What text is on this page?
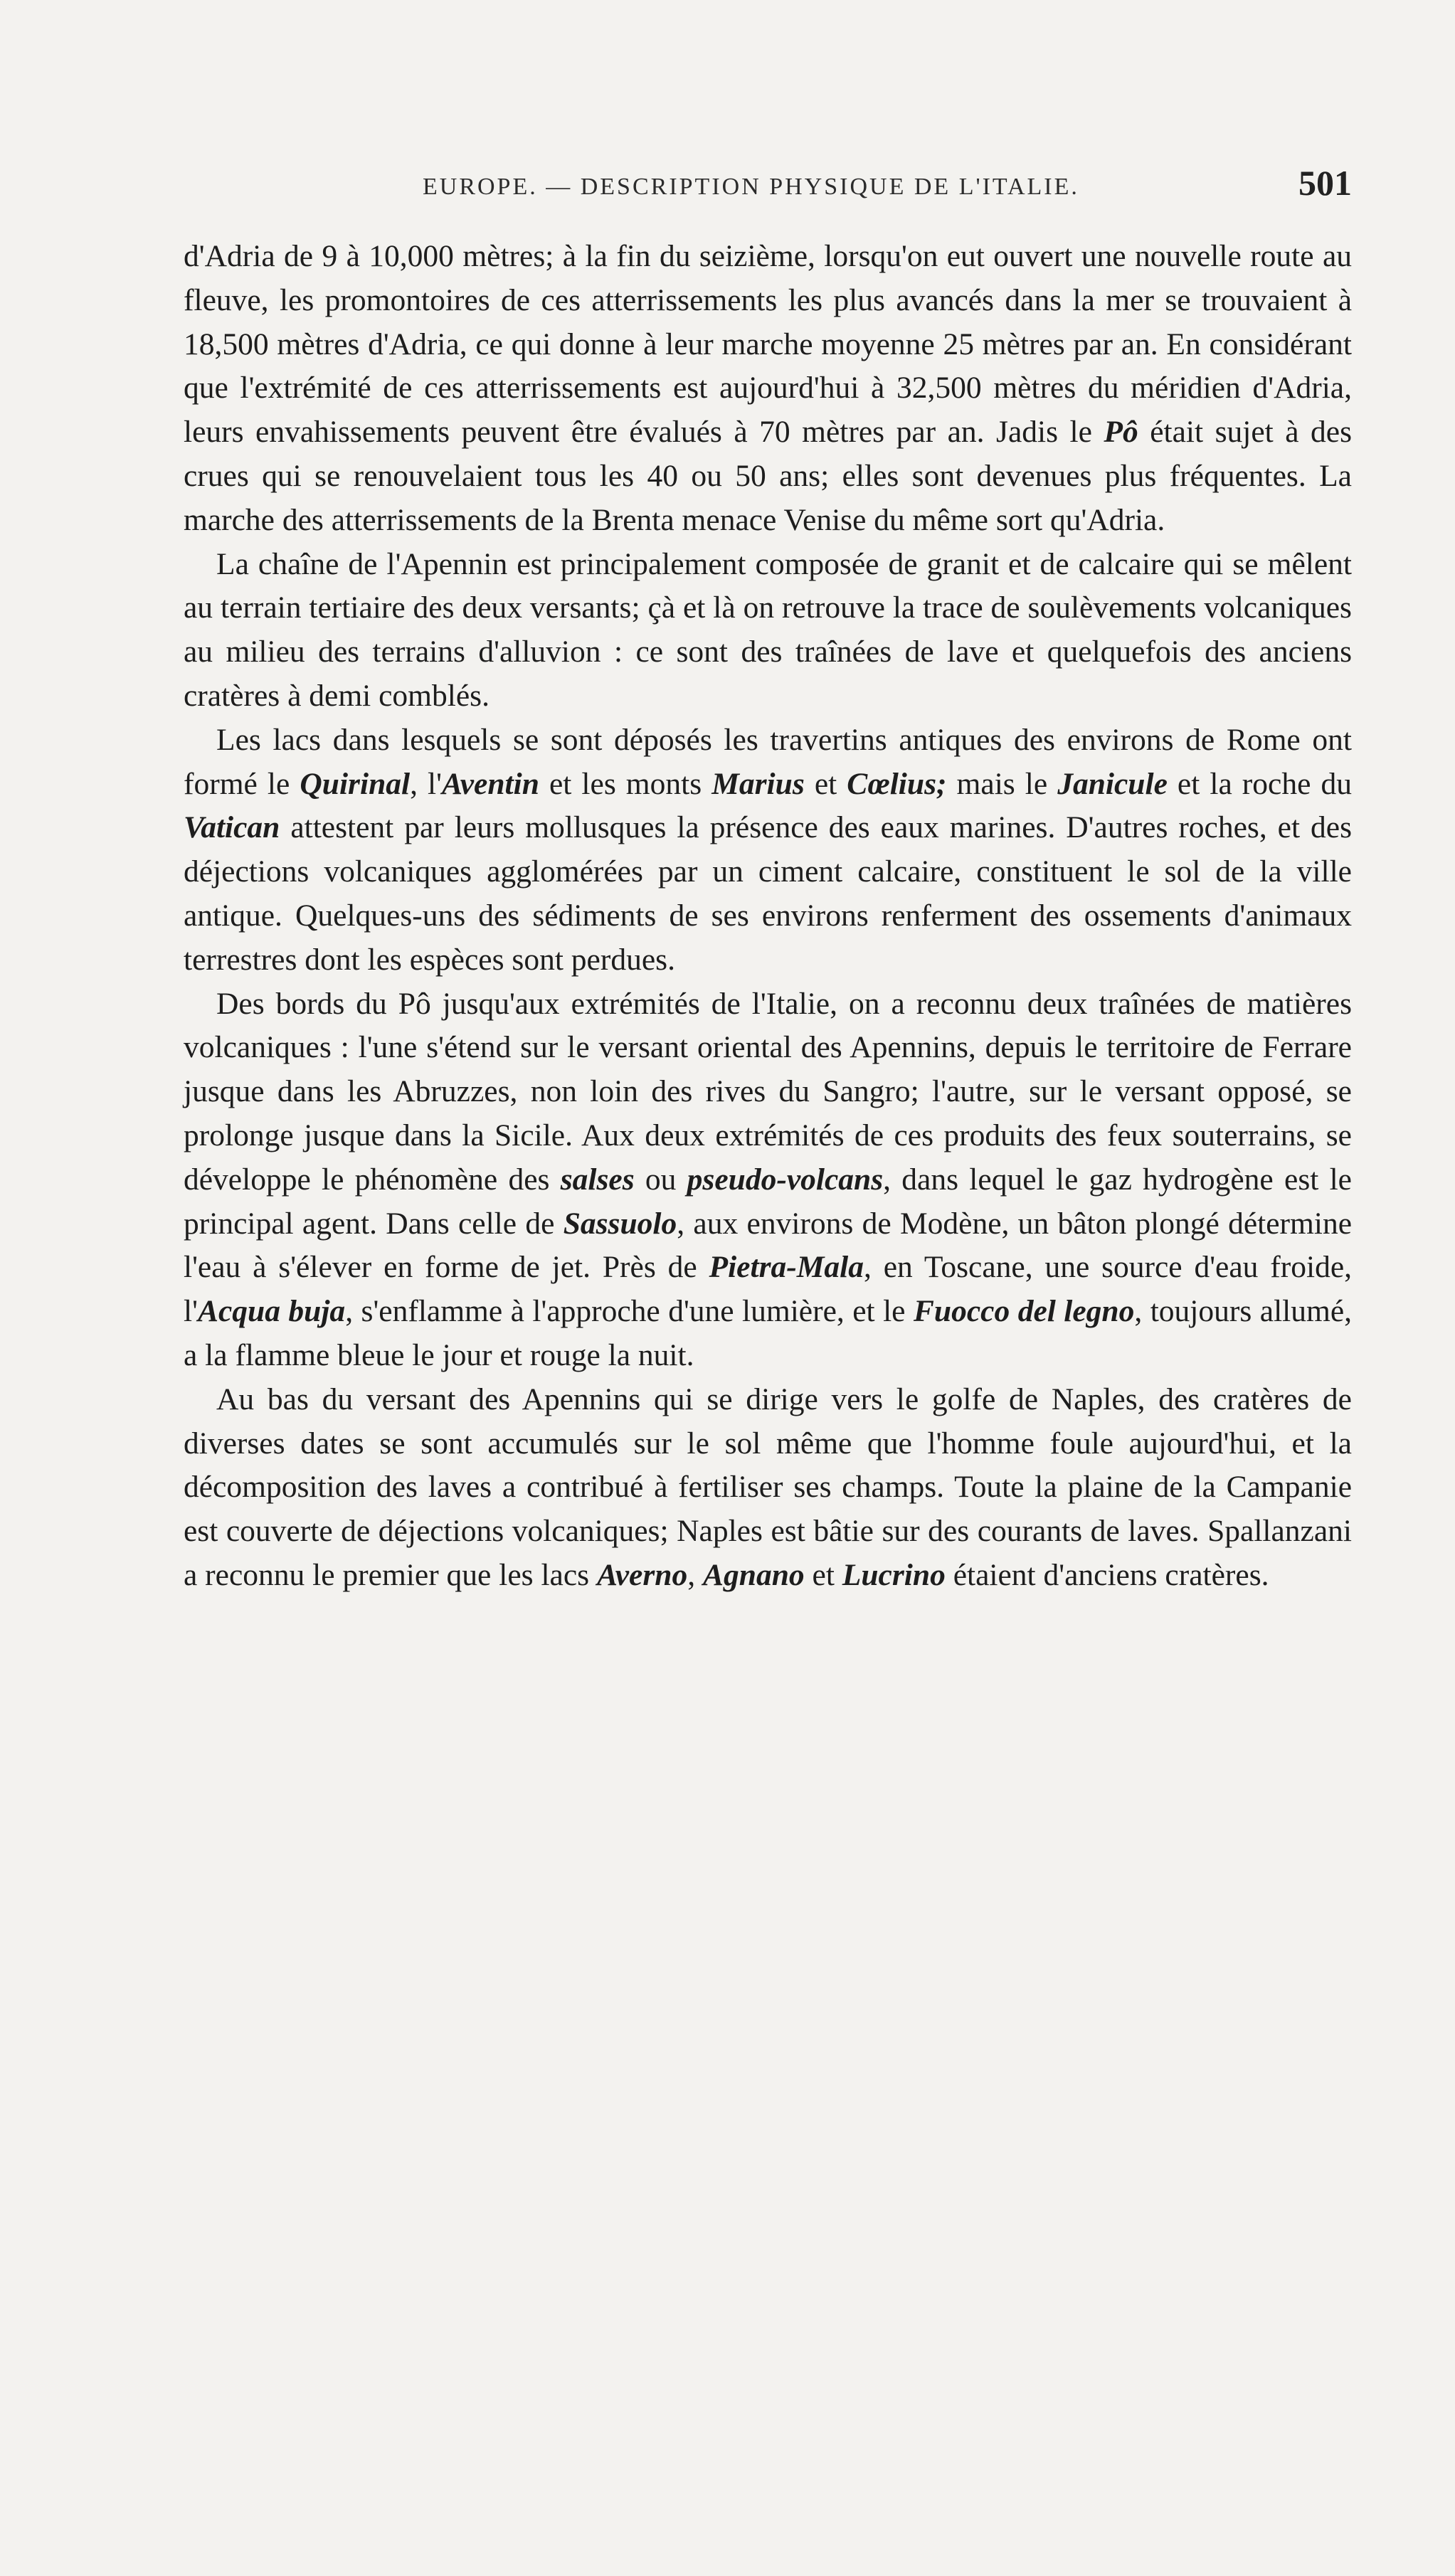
EUROPE. — DESCRIPTION PHYSIQUE DE L'ITALIE.	501

d'Adria de 9 à 10,000 mètres; à la fin du seizième, lorsqu'on eut ouvert une nouvelle route au fleuve, les promontoires de ces atterrissements les plus avancés dans la mer se trouvaient à 18,500 mètres d'Adria, ce qui donne à leur marche moyenne 25 mètres par an. En considérant que l'extrémité de ces atterrissements est aujourd'hui à 32,500 mètres du méridien d'Adria, leurs envahissements peuvent être évalués à 70 mètres par an. Jadis le Pô était sujet à des crues qui se renouvelaient tous les 40 ou 50 ans; elles sont devenues plus fréquentes. La marche des atterrissements de la Brenta menace Venise du même sort qu'Adria.

La chaîne de l'Apennin est principalement composée de granit et de calcaire qui se mêlent au terrain tertiaire des deux versants; çà et là on retrouve la trace de soulèvements volcaniques au milieu des terrains d'alluvion : ce sont des traînées de lave et quelquefois des anciens cratères à demi comblés.

Les lacs dans lesquels se sont déposés les travertins antiques des environs de Rome ont formé le Quirinal, l'Aventin et les monts Marius et Cœlius; mais le Janicule et la roche du Vatican attestent par leurs mollusques la présence des eaux marines. D'autres roches, et des déjections volcaniques agglomérées par un ciment calcaire, constituent le sol de la ville antique. Quelques-uns des sédiments de ses environs renferment des ossements d'animaux terrestres dont les espèces sont perdues.

Des bords du Pô jusqu'aux extrémités de l'Italie, on a reconnu deux traînées de matières volcaniques : l'une s'étend sur le versant oriental des Apennins, depuis le territoire de Ferrare jusque dans les Abruzzes, non loin des rives du Sangro; l'autre, sur le versant opposé, se prolonge jusque dans la Sicile. Aux deux extrémités de ces produits des feux souterrains, se développe le phénomène des salses ou pseudo-volcans, dans lequel le gaz hydrogène est le principal agent. Dans celle de Sassuolo, aux environs de Modène, un bâton plongé détermine l'eau à s'élever en forme de jet. Près de Pietra-Mala, en Toscane, une source d'eau froide, l'Acqua buja, s'enflamme à l'approche d'une lumière, et le Fuocco del legno, toujours allumé, a la flamme bleue le jour et rouge la nuit.

Au bas du versant des Apennins qui se dirige vers le golfe de Naples, des cratères de diverses dates se sont accumulés sur le sol même que l'homme foule aujourd'hui, et la décomposition des laves a contribué à fertiliser ses champs. Toute la plaine de la Campanie est couverte de déjections volcaniques; Naples est bâtie sur des courants de laves. Spallanzani a reconnu le premier que les lacs Averno, Agnano et Lucrino étaient d'anciens cratères.
